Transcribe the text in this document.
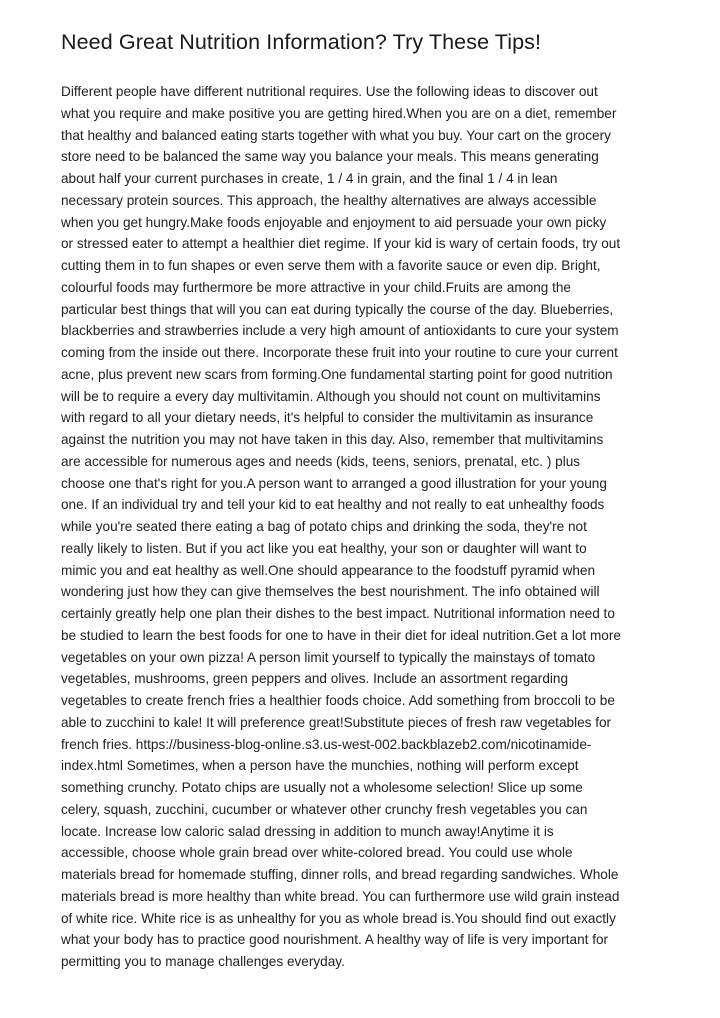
Need Great Nutrition Information? Try These Tips!
Different people have different nutritional requires. Use the following ideas to discover out
what you require and make positive you are getting hired.When you are on a diet, remember
that healthy and balanced eating starts together with what you buy. Your cart on the grocery
store need to be balanced the same way you balance your meals. This means generating
about half your current purchases in create, 1 / 4 in grain, and the final 1 / 4 in lean
necessary protein sources. This approach, the healthy alternatives are always accessible
when you get hungry.Make foods enjoyable and enjoyment to aid persuade your own picky
or stressed eater to attempt a healthier diet regime. If your kid is wary of certain foods, try out
cutting them in to fun shapes or even serve them with a favorite sauce or even dip. Bright,
colourful foods may furthermore be more attractive in your child.Fruits are among the
particular best things that will you can eat during typically the course of the day. Blueberries,
blackberries and strawberries include a very high amount of antioxidants to cure your system
coming from the inside out there. Incorporate these fruit into your routine to cure your current
acne, plus prevent new scars from forming.One fundamental starting point for good nutrition
will be to require a every day multivitamin. Although you should not count on multivitamins
with regard to all your dietary needs, it's helpful to consider the multivitamin as insurance
against the nutrition you may not have taken in this day. Also, remember that multivitamins
are accessible for numerous ages and needs (kids, teens, seniors, prenatal, etc. ) plus
choose one that's right for you.A person want to arranged a good illustration for your young
one. If an individual try and tell your kid to eat healthy and not really to eat unhealthy foods
while you're seated there eating a bag of potato chips and drinking the soda, they're not
really likely to listen. But if you act like you eat healthy, your son or daughter will want to
mimic you and eat healthy as well.One should appearance to the foodstuff pyramid when
wondering just how they can give themselves the best nourishment. The info obtained will
certainly greatly help one plan their dishes to the best impact. Nutritional information need to
be studied to learn the best foods for one to have in their diet for ideal nutrition.Get a lot more
vegetables on your own pizza! A person limit yourself to typically the mainstays of tomato
vegetables, mushrooms, green peppers and olives. Include an assortment regarding
vegetables to create french fries a healthier foods choice. Add something from broccoli to be
able to zucchini to kale! It will preference great!Substitute pieces of fresh raw vegetables for
french fries. https://business-blog-online.s3.us-west-002.backblazeb2.com/nicotinamide-
index.html Sometimes, when a person have the munchies, nothing will perform except
something crunchy. Potato chips are usually not a wholesome selection! Slice up some
celery, squash, zucchini, cucumber or whatever other crunchy fresh vegetables you can
locate. Increase low caloric salad dressing in addition to munch away!Anytime it is
accessible, choose whole grain bread over white-colored bread. You could use whole
materials bread for homemade stuffing, dinner rolls, and bread regarding sandwiches. Whole
materials bread is more healthy than white bread. You can furthermore use wild grain instead
of white rice. White rice is as unhealthy for you as whole bread is.You should find out exactly
what your body has to practice good nourishment. A healthy way of life is very important for
permitting you to manage challenges everyday.
